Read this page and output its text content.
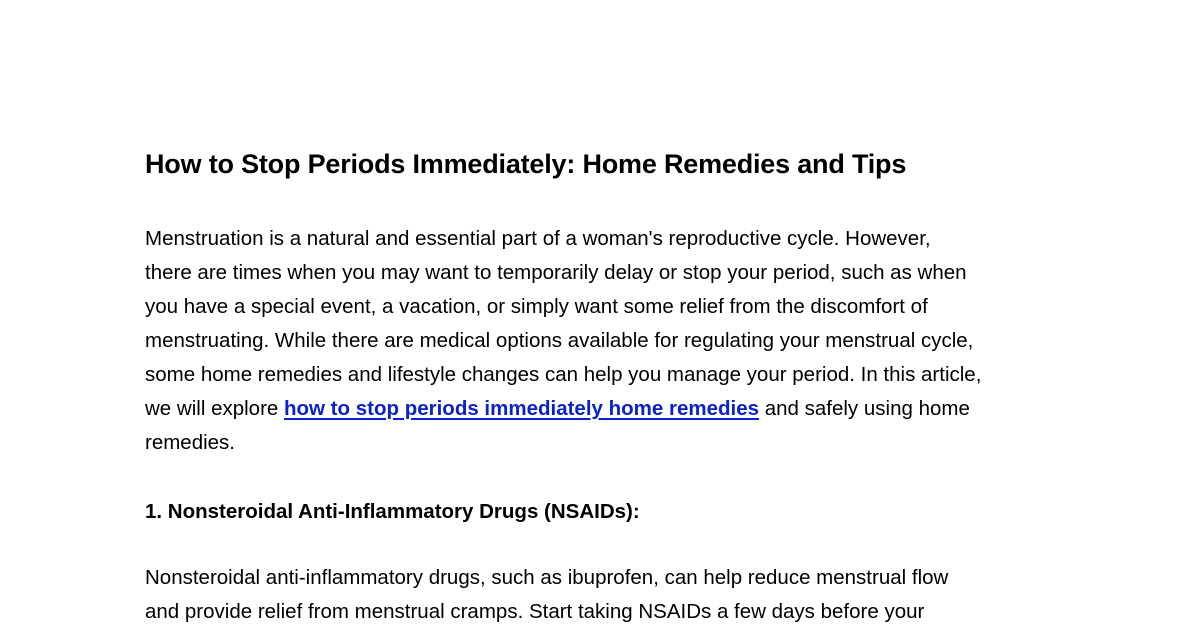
How to Stop Periods Immediately: Home Remedies and Tips

Menstruation is a natural and essential part of a woman's reproductive cycle. However,
there are times when you may want to temporarily delay or stop your period, such as when
you have a special event, a vacation, or simply want some relief from the discomfort of
menstruating. While there are medical options available for regulating your menstrual cycle,
some home remedies and lifestyle changes can help you manage your period. In this article,
we will explore how to stop periods immediately home remedies and safely using home
remedies.

1. Nonsteroidal Anti-Inflammatory Drugs (NSAIDs):

Nonsteroidal anti-inflammatory drugs, such as ibuprofen, can help reduce menstrual flow
and provide relief from menstrual cramps. Start taking NSAIDs a few days before your
